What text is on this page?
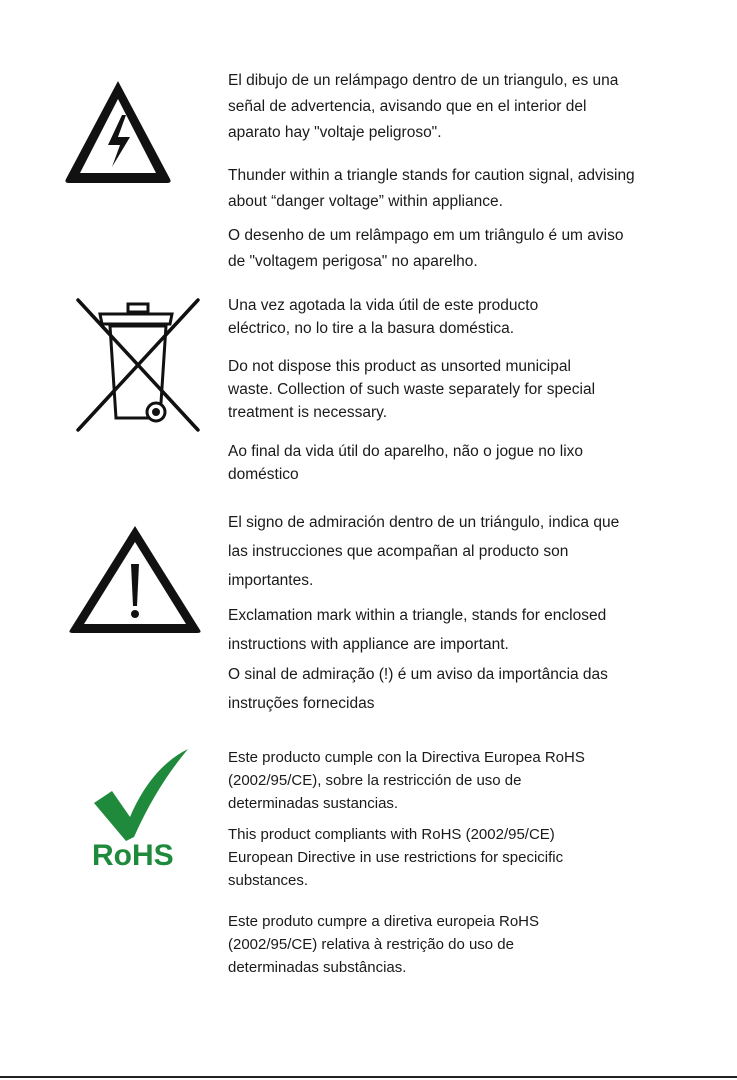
El dibujo de un relámpago dentro de un triangulo, es una
señal de advertencia, avisando que en el interior del
aparato hay "voltaje peligroso".

Thunder within a triangle stands for caution signal, advising
about “danger voltage” within appliance.

O desenho de um relâmpago em um triângulo é um aviso
de "voltagem perigosa" no aparelho.

Una vez agotada la vida útil de este producto
eléctrico, no lo tire a la basura doméstica.

Do not dispose this product as unsorted municipal
waste. Collection of such waste separately for special
treatment is necessary.

Ao final da vida útil do aparelho, não o jogue no lixo
doméstico

El signo de admiración dentro de un triángulo, indica que
las instrucciones que acompañan al producto son
importantes.

Exclamation mark within a triangle, stands for enclosed
instructions with appliance are important.

O sinal de admiração (!) é um aviso da importância das
instruções fornecidas

RoHS

Este producto cumple con la Directiva Europea RoHS
(2002/95/CE), sobre la restricción de uso de
determinadas sustancias.

This product compliants with RoHS (2002/95/CE)
European Directive in use restrictions for specicific
substances.

Este produto cumpre a diretiva europeia RoHS
(2002/95/CE) relativa à restrição do uso de
determinadas substâncias.
